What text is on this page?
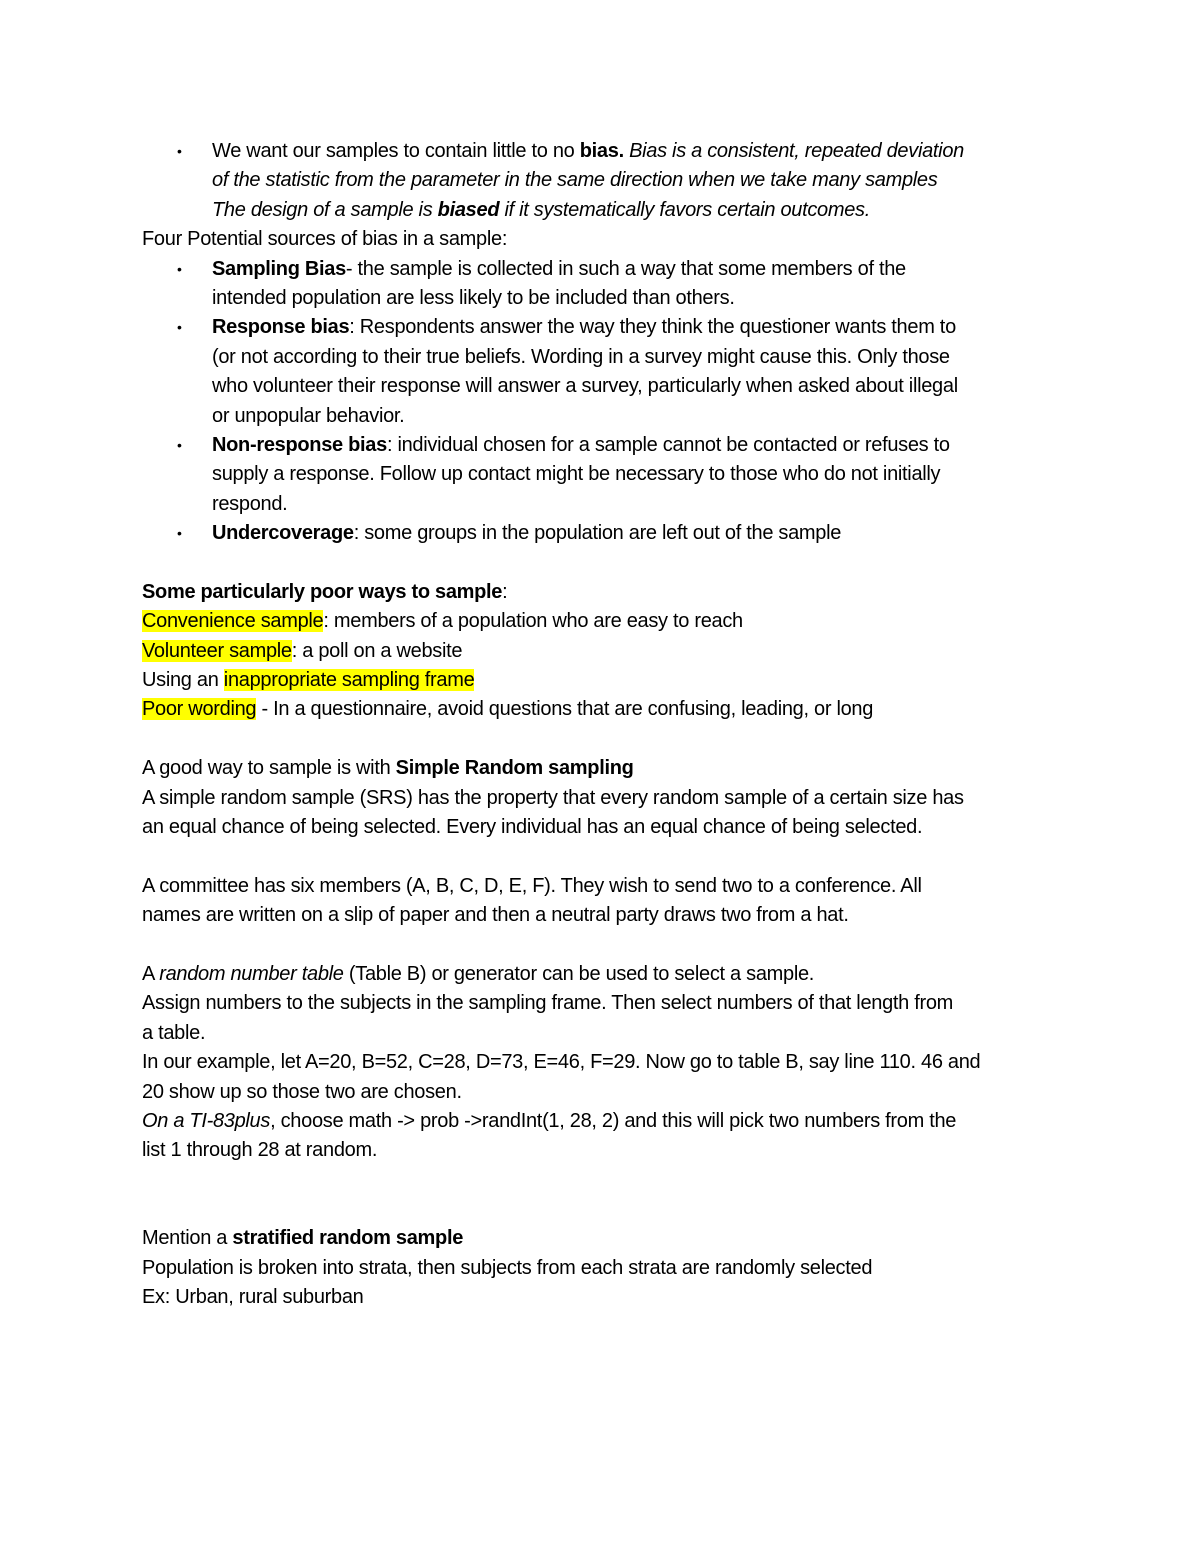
• We want our samples to contain little to no bias. Bias is a consistent, repeated deviation
of the statistic from the parameter in the same direction when we take many samples
The design of a sample is biased if it systematically favors certain outcomes.
Four Potential sources of bias in a sample:
• Sampling Bias- the sample is collected in such a way that some members of the
intended population are less likely to be included than others.
• Response bias: Respondents answer the way they think the questioner wants them to
(or not according to their true beliefs. Wording in a survey might cause this. Only those
who volunteer their response will answer a survey, particularly when asked about illegal
or unpopular behavior.
• Non-response bias: individual chosen for a sample cannot be contacted or refuses to
supply a response. Follow up contact might be necessary to those who do not initially
respond.
• Undercoverage: some groups in the population are left out of the sample
Some particularly poor ways to sample:
Convenience sample: members of a population who are easy to reach
Volunteer sample: a poll on a website
Using an inappropriate sampling frame
Poor wording - In a questionnaire, avoid questions that are confusing, leading, or long
A good way to sample is with Simple Random sampling
A simple random sample (SRS) has the property that every random sample of a certain size has
an equal chance of being selected. Every individual has an equal chance of being selected.
A committee has six members (A, B, C, D, E, F). They wish to send two to a conference. All
names are written on a slip of paper and then a neutral party draws two from a hat.
A random number table (Table B) or generator can be used to select a sample.
Assign numbers to the subjects in the sampling frame. Then select numbers of that length from
a table.
In our example, let A=20, B=52, C=28, D=73, E=46, F=29. Now go to table B, say line 110. 46 and
20 show up so those two are chosen.
On a TI-83plus, choose math -> prob ->randInt(1, 28, 2) and this will pick two numbers from the
list 1 through 28 at random.
Mention a stratified random sample
Population is broken into strata, then subjects from each strata are randomly selected
Ex: Urban, rural suburban
